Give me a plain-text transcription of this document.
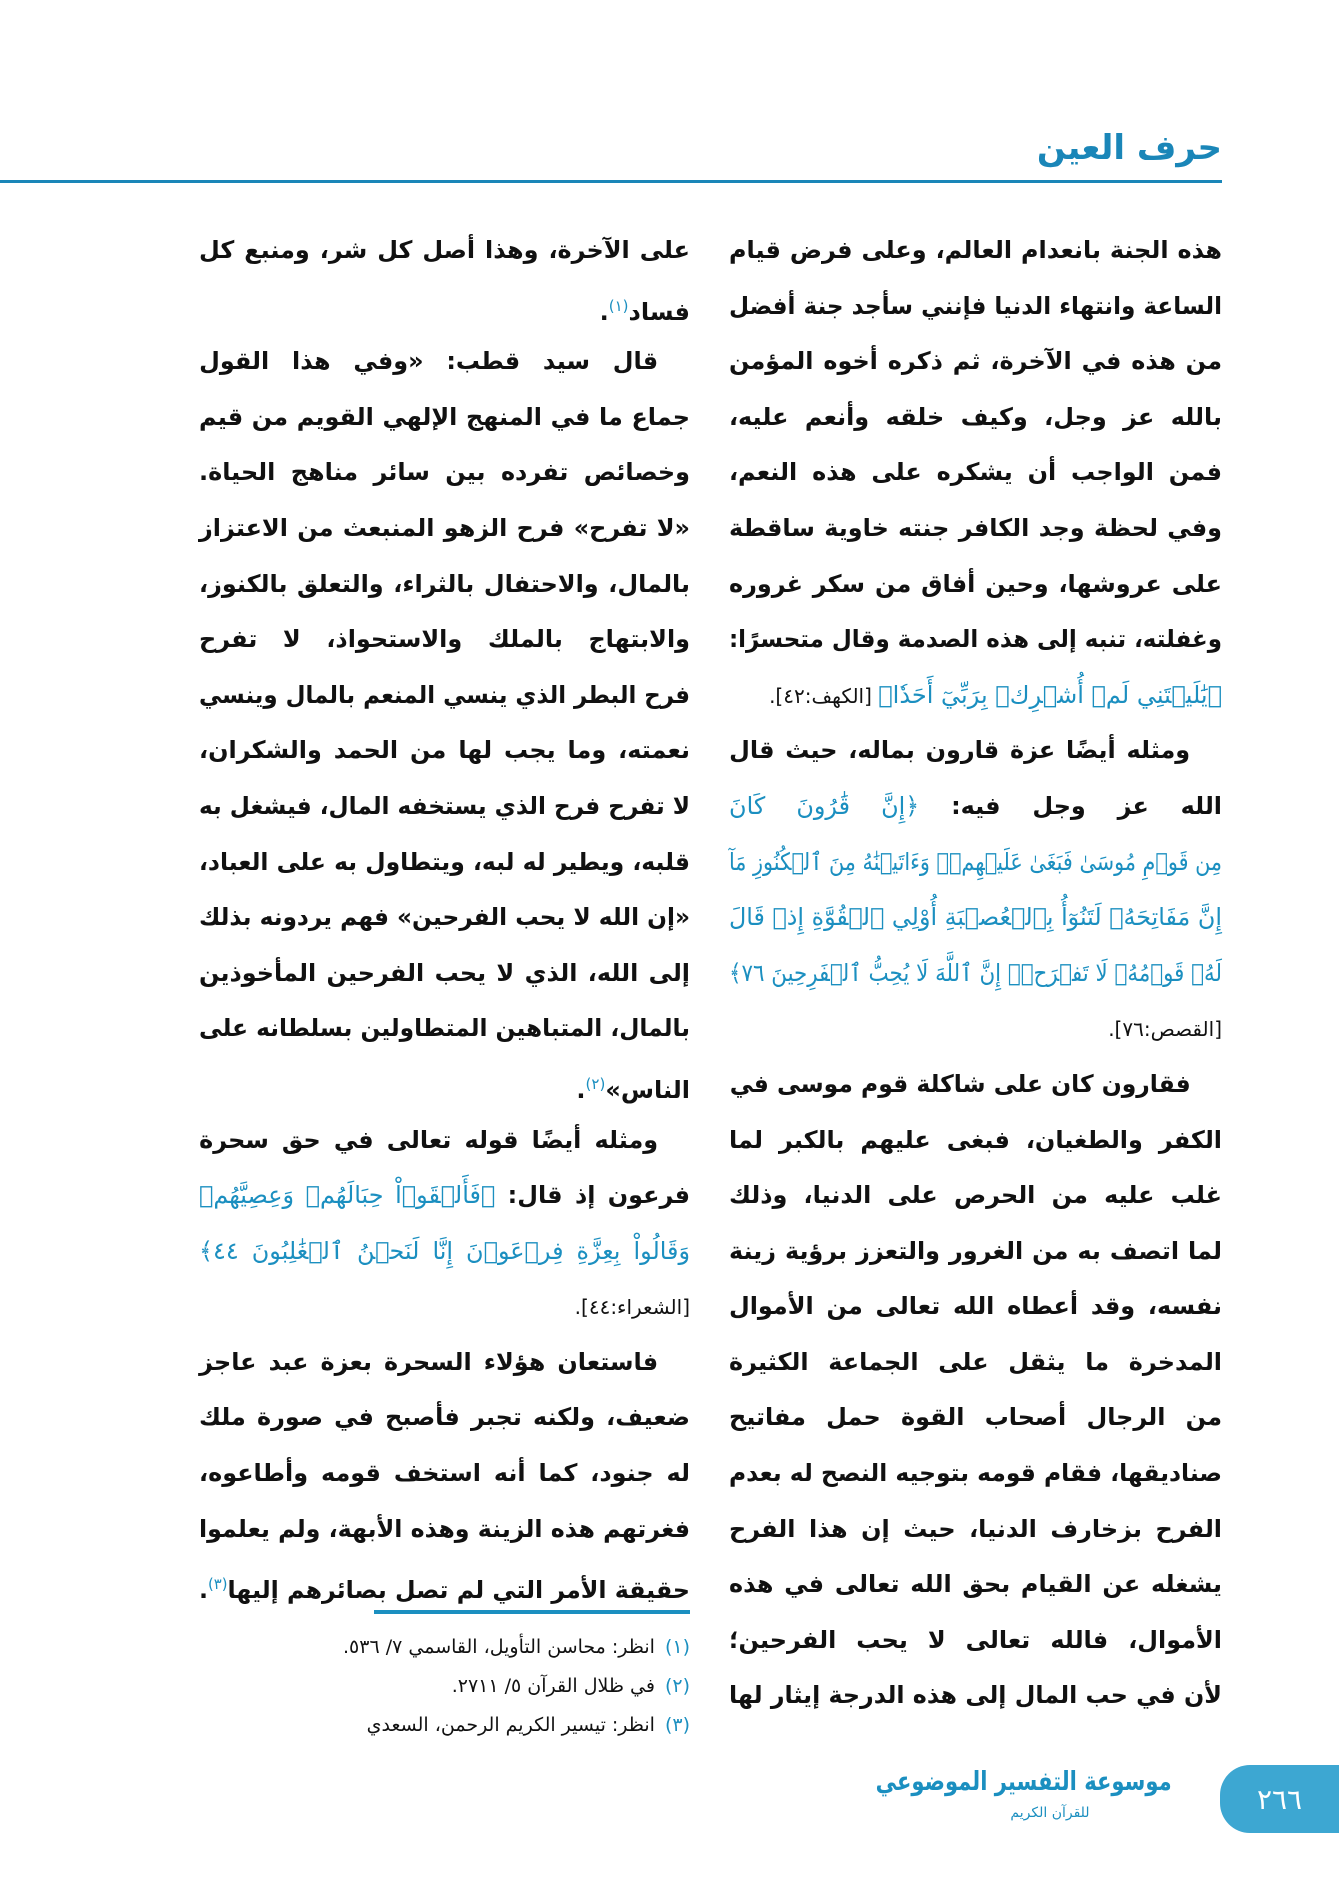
حرف العين
هذه الجنة بانعدام العالم، وعلى فرض قيام
الساعة وانتهاء الدنيا فإنني سأجد جنة أفضل
من هذه في الآخرة، ثم ذكره أخوه المؤمن
بالله عز وجل، وكيف خلقه وأنعم عليه،
فمن الواجب أن يشكره على هذه النعم،
وفي لحظة وجد الكافر جنته خاوية ساقطة
على عروشها، وحين أفاق من سكر غروره
وغفلته، تنبه إلى هذه الصدمة وقال متحسرًا:
﴿يَٰلَيۡتَنِي لَمۡ أُشۡرِكۡ بِرَبِّيٓ أَحَدٗا﴾ [الكهف:٤٢].
ومثله أيضًا عزة قارون بماله، حيث قال
الله عز وجل فيه: ﴿إِنَّ قَٰرُونَ كَانَ
مِن قَوۡمِ مُوسَىٰ فَبَغَىٰ عَلَيۡهِمۡۖ وَءَاتَيۡنَٰهُ مِنَ ٱلۡكُنُوزِ مَآ
إِنَّ مَفَاتِحَهُۥ لَتَنُوٓأُ بِٱلۡعُصۡبَةِ أُوْلِي ٱلۡقُوَّةِ إِذۡ قَالَ
لَهُۥ قَوۡمُهُۥ لَا تَفۡرَحۡۖ إِنَّ ٱللَّهَ لَا يُحِبُّ ٱلۡفَرِحِينَ ٧٦﴾
[القصص:٧٦].
فقارون كان على شاكلة قوم موسى في
الكفر والطغيان، فبغى عليهم بالكبر لما
غلب عليه من الحرص على الدنيا، وذلك
لما اتصف به من الغرور والتعزز برؤية زينة
نفسه، وقد أعطاه الله تعالى من الأموال
المدخرة ما يثقل على الجماعة الكثيرة
من الرجال أصحاب القوة حمل مفاتيح
صناديقها، فقام قومه بتوجيه النصح له بعدم
الفرح بزخارف الدنيا، حيث إن هذا الفرح
يشغله عن القيام بحق الله تعالى في هذه
الأموال، فالله تعالى لا يحب الفرحين؛
لأن في حب المال إلى هذه الدرجة إيثار لها
على الآخرة، وهذا أصل كل شر، ومنبع كل
فساد$^{(١)}$.
قال سيد قطب: «وفي هذا القول
جماع ما في المنهج الإلهي القويم من قيم
وخصائص تفرده بين سائر مناهج الحياة.
«لا تفرح» فرح الزهو المنبعث من الاعتزاز
بالمال، والاحتفال بالثراء، والتعلق بالكنوز،
والابتهاج بالملك والاستحواذ، لا تفرح
فرح البطر الذي ينسي المنعم بالمال وينسي
نعمته، وما يجب لها من الحمد والشكران،
لا تفرح فرح الذي يستخفه المال، فيشغل به
قلبه، ويطير له لبه، ويتطاول به على العباد،
«إن الله لا يحب الفرحين» فهم يردونه بذلك
إلى الله، الذي لا يحب الفرحين المأخوذين
بالمال، المتباهين المتطاولين بسلطانه على
الناس»$^{(٢)}$.
ومثله أيضًا قوله تعالى في حق سحرة
فرعون إذ قال: ﴿فَأَلۡقَوۡاْ حِبَالَهُمۡ وَعِصِيَّهُمۡ
وَقَالُواْ بِعِزَّةِ فِرۡعَوۡنَ إِنَّا لَنَحۡنُ ٱلۡغَٰلِبُونَ ٤٤﴾
[الشعراء:٤٤].
فاستعان هؤلاء السحرة بعزة عبد عاجز
ضعيف، ولكنه تجبر فأصبح في صورة ملك
له جنود، كما أنه استخف قومه وأطاعوه،
فغرتهم هذه الزينة وهذه الأبهة، ولم يعلموا
حقيقة الأمر التي لم تصل بصائرهم إليها$^{(٣)}$.
(١)انظر: محاسن التأويل، القاسمي ٧/ ٥٣٦.
(٢)في ظلال القرآن ٥/ ٢٧١١.
(٣)انظر: تيسير الكريم الرحمن، السعدي
موسوعة التفسير الموضوعي
للقرآن الكريم	٢٦٦
